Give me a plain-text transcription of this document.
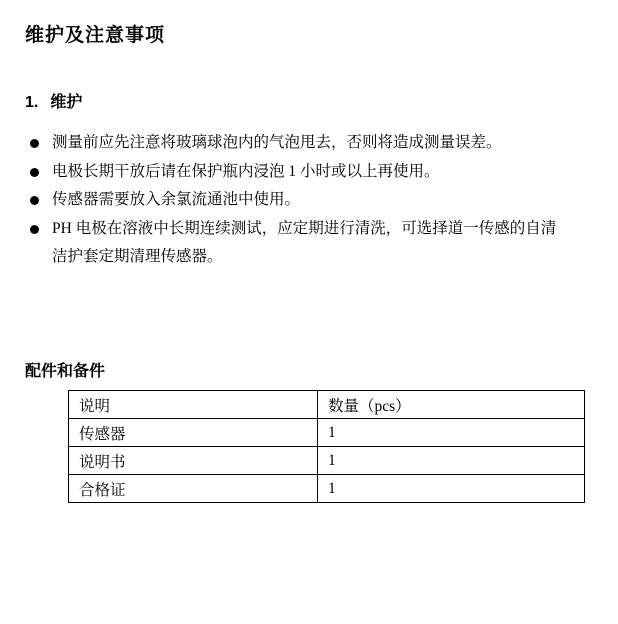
维护及注意事项
1. 维护
测量前应先注意将玻璃球泡内的气泡甩去，否则将造成测量误差。
电极长期干放后请在保护瓶内浸泡 1 小时或以上再使用。
传感器需要放入余氯流通池中使用。
PH 电极在溶液中长期连续测试，应定期进行清洗，可选择道一传感的自清洁护套定期清理传感器。
配件和备件
说明	数量（pcs）
传感器	1
说明书	1
合格证	1
